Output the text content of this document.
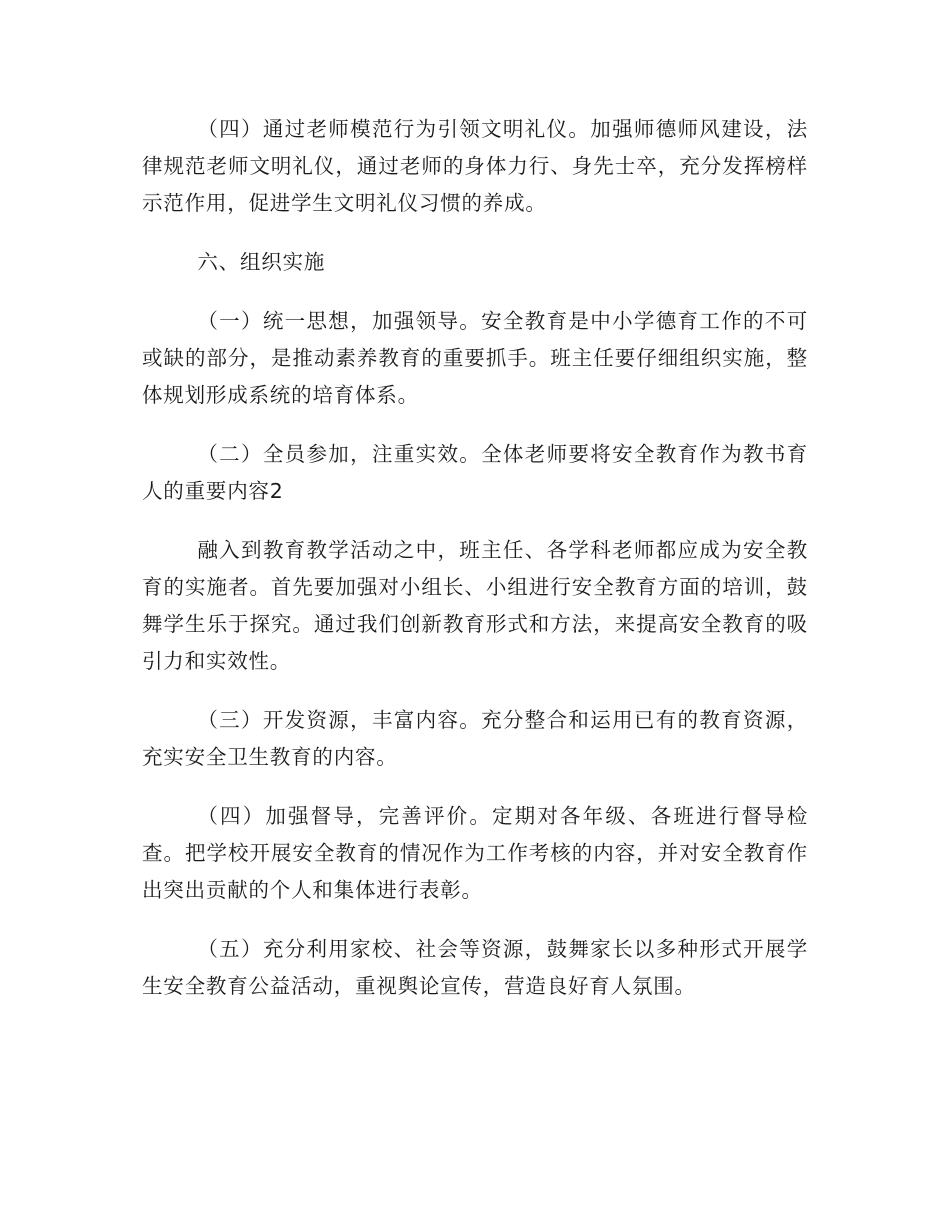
（四）通过老师模范行为引领文明礼仪。加强师德师风建设，法律规范老师文明礼仪，通过老师的身体力行、身先士卒，充分发挥榜样示范作用，促进学生文明礼仪习惯的养成。

六、组织实施

（一）统一思想，加强领导。安全教育是中小学德育工作的不可或缺的部分，是推动素养教育的重要抓手。班主任要仔细组织实施，整体规划形成系统的培育体系。

（二）全员参加，注重实效。全体老师要将安全教育作为教书育人的重要内容2

融入到教育教学活动之中，班主任、各学科老师都应成为安全教育的实施者。首先要加强对小组长、小组进行安全教育方面的培训，鼓舞学生乐于探究。通过我们创新教育形式和方法，来提高安全教育的吸引力和实效性。

（三）开发资源，丰富内容。充分整合和运用已有的教育资源，充实安全卫生教育的内容。

（四）加强督导，完善评价。定期对各年级、各班进行督导检查。把学校开展安全教育的情况作为工作考核的内容，并对安全教育作出突出贡献的个人和集体进行表彰。

（五）充分利用家校、社会等资源，鼓舞家长以多种形式开展学生安全教育公益活动，重视舆论宣传，营造良好育人氛围。
